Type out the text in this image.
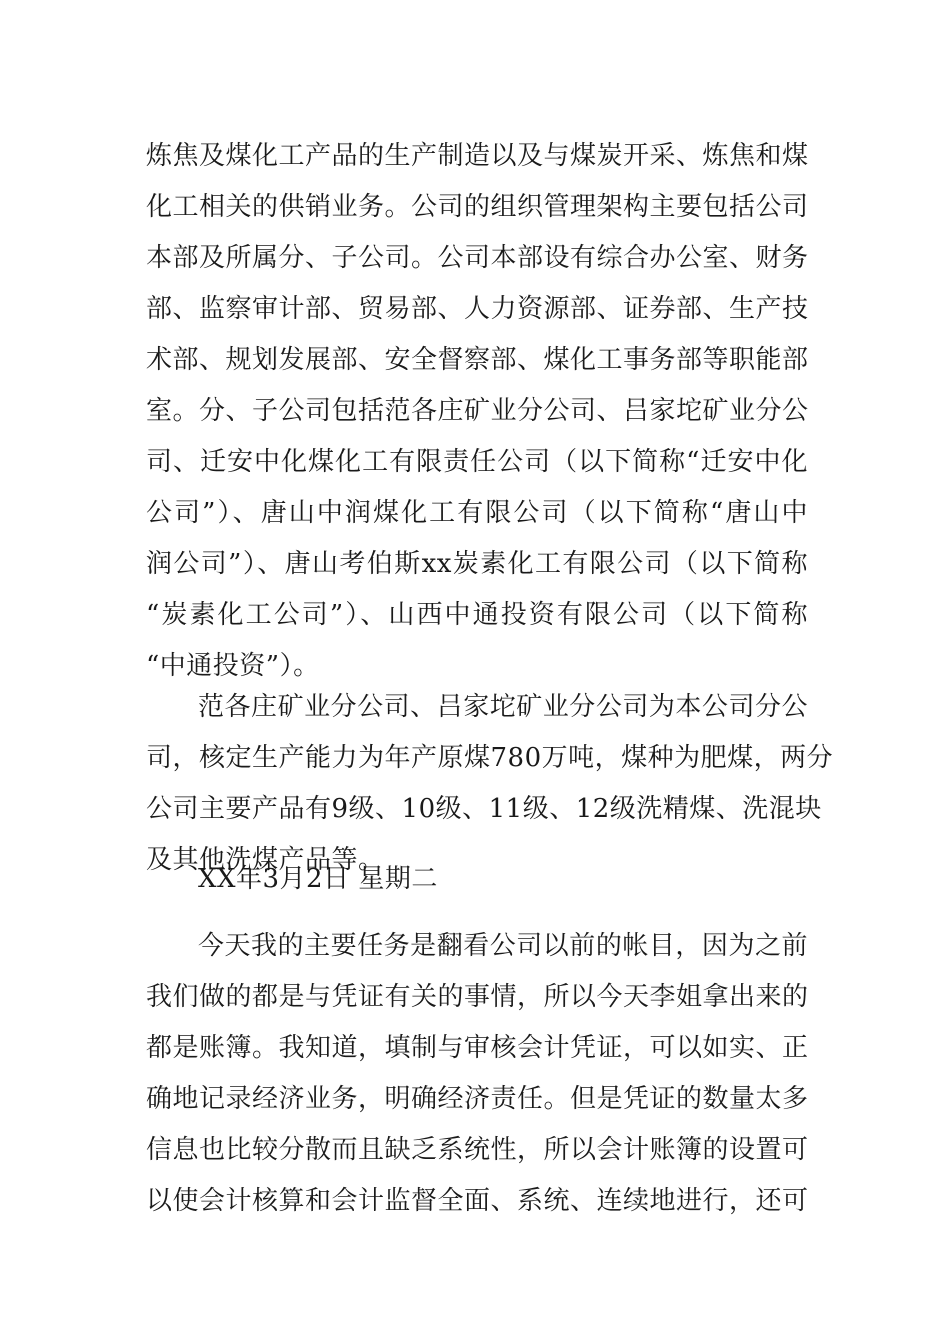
炼焦及煤化工产品的生产制造以及与煤炭开采、炼焦和煤
化工相关的供销业务。公司的组织管理架构主要包括公司
本部及所属分、子公司。公司本部设有综合办公室、财务
部、监察审计部、贸易部、人力资源部、证券部、生产技
术部、规划发展部、安全督察部、煤化工事务部等职能部
室。分、子公司包括范各庄矿业分公司、吕家坨矿业分公
司、迁安中化煤化工有限责任公司（以下简称“迁安中化
公司”）、唐山中润煤化工有限公司（以下简称“唐山中
润公司”）、唐山考伯斯xx炭素化工有限公司（以下简称
“炭素化工公司”）、山西中通投资有限公司（以下简称
“中通投资”）。
范各庄矿业分公司、吕家坨矿业分公司为本公司分公
司，核定生产能力为年产原煤780万吨，煤种为肥煤，两分
公司主要产品有9级、10级、11级、12级洗精煤、洗混块
及其他洗煤产品等。
XX年3月2日 星期二
今天我的主要任务是翻看公司以前的帐目，因为之前
我们做的都是与凭证有关的事情，所以今天李姐拿出来的
都是账簿。我知道，填制与审核会计凭证，可以如实、正
确地记录经济业务，明确经济责任。但是凭证的数量太多
信息也比较分散而且缺乏系统性，所以会计账簿的设置可
以使会计核算和会计监督全面、系统、连续地进行，还可
